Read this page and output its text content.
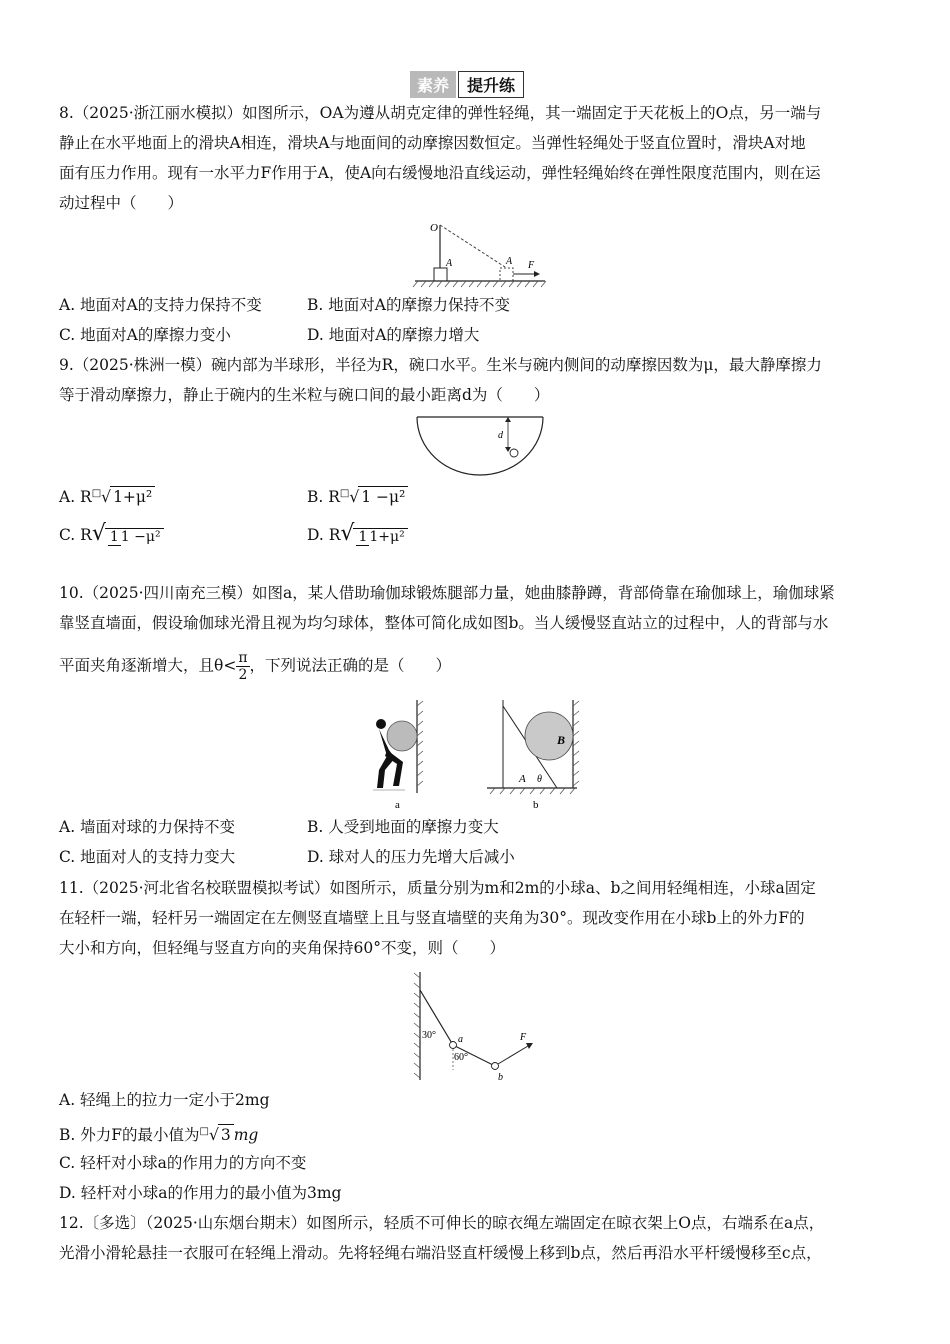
素养	提升练
8.（2025·浙江丽水模拟）如图所示，OA为遵从胡克定律的弹性轻绳，其一端固定于天花板上的O点，另一端与
静止在水平地面上的滑块A相连，滑块A与地面间的动摩擦因数恒定。当弹性轻绳处于竖直位置时，滑块A对地
面有压力作用。现有一水平力F作用于A，使A向右缓慢地沿直线运动，弹性轻绳始终在弹性限度范围内，则在运
动过程中（　　）
O
A	A F
A. 地面对A的支持力保持不变	B. 地面对A的摩擦力保持不变
C. 地面对A的摩擦力变小	D. 地面对A的摩擦力增大
9.（2025·株洲一模）碗内部为半球形，半径为R，碗口水平。生米与碗内侧间的动摩擦因数为μ，最大静摩擦力
等于滑动摩擦力，静止于碗内的生米粒与碗口间的最小距离d为（　　）
d
A. R□√ 1+μ²	B. R□√ 1 −μ²
C. R√ 1 1 −μ²	D. R√ 1 1+μ²
10.（2025·四川南充三模）如图a，某人借助瑜伽球锻炼腿部力量，她曲膝静蹲，背部倚靠在瑜伽球上，瑜伽球紧
靠竖直墙面，假设瑜伽球光滑且视为均匀球体，整体可简化成如图b。当人缓慢竖直站立的过程中，人的背部与水
平面夹角逐渐增大，且$\theta< \frac{\pi}{2}$ ，下列说法正确的是（　　）
a
B
A θ
b
A. 墙面对球的力保持不变	B. 人受到地面的摩擦力变大
C. 地面对人的支持力变大	D. 球对人的压力先增大后减小
11.（2025·河北省名校联盟模拟考试）如图所示，质量分别为m和2m的小球a、b之间用轻绳相连，小球a固定
在轻杆一端，轻杆另一端固定在左侧竖直墙壁上且与竖直墙壁的夹角为30°。现改变作用在小球b上的外力F的
大小和方向，但轻绳与竖直方向的夹角保持60°不变，则（　　）
30°
60°
a
b
F
A. 轻绳上的拉力一定小于2mg
B. 外力F的最小值为□√ 3 mg
C. 轻杆对小球a的作用力的方向不变
D. 轻杆对小球a的作用力的最小值为3mg
12.〔多选〕（2025·山东烟台期末）如图所示，轻质不可伸长的晾衣绳左端固定在晾衣架上O点，右端系在a点，
光滑小滑轮悬挂一衣服可在轻绳上滑动。先将轻绳右端沿竖直杆缓慢上移到b点，然后再沿水平杆缓慢移至c点，
